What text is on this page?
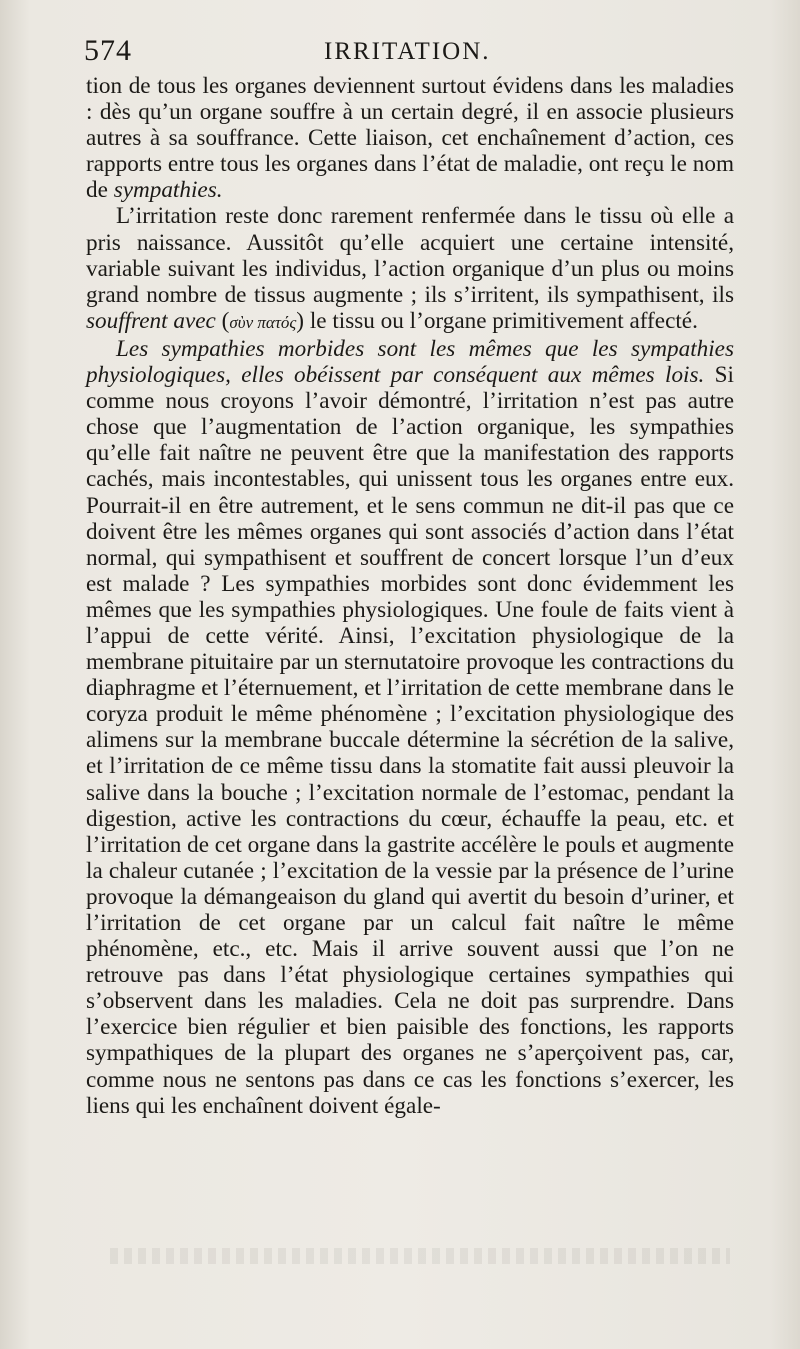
574	IRRITATION.

tion de tous les organes deviennent surtout évidens dans les maladies : dès qu’un organe souffre à un certain degré, il en associe plusieurs autres à sa souffrance. Cette liaison, cet enchaînement d’action, ces rapports entre tous les organes dans l’état de maladie, ont reçu le nom de sympathies.

L’irritation reste donc rarement renfermée dans le tissu où elle a pris naissance. Aussitôt qu’elle acquiert une certaine intensité, variable suivant les individus, l’action organique d’un plus ou moins grand nombre de tissus augmente ; ils s’irritent, ils sympathisent, ils souffrent avec (σὺν πατός) le tissu ou l’organe primitivement affecté.

Les sympathies morbides sont les mêmes que les sympathies physiologiques, elles obéissent par conséquent aux mêmes lois. Si comme nous croyons l’avoir démontré, l’irritation n’est pas autre chose que l’augmentation de l’action organique, les sympathies qu’elle fait naître ne peuvent être que la manifestation des rapports cachés, mais incontestables, qui unissent tous les organes entre eux. Pourrait-il en être autrement, et le sens commun ne dit-il pas que ce doivent être les mêmes organes qui sont associés d’action dans l’état normal, qui sympathisent et souffrent de concert lorsque l’un d’eux est malade ? Les sympathies morbides sont donc évidemment les mêmes que les sympathies physiologiques. Une foule de faits vient à l’appui de cette vérité. Ainsi, l’excitation physiologique de la membrane pituitaire par un sternutatoire provoque les contractions du diaphragme et l’éternuement, et l’irritation de cette membrane dans le coryza produit le même phénomène ; l’excitation physiologique des alimens sur la membrane buccale détermine la sécrétion de la salive, et l’irritation de ce même tissu dans la stomatite fait aussi pleuvoir la salive dans la bouche ; l’excitation normale de l’estomac, pendant la digestion, active les contractions du cœur, échauffe la peau, etc. et l’irritation de cet organe dans la gastrite accélère le pouls et augmente la chaleur cutanée ; l’excitation de la vessie par la présence de l’urine provoque la démangeaison du gland qui avertit du besoin d’uriner, et l’irritation de cet organe par un calcul fait naître le même phénomène, etc., etc. Mais il arrive souvent aussi que l’on ne retrouve pas dans l’état physiologique certaines sympathies qui s’observent dans les maladies. Cela ne doit pas surprendre. Dans l’exercice bien régulier et bien paisible des fonctions, les rapports sympathiques de la plupart des organes ne s’aperçoivent pas, car, comme nous ne sentons pas dans ce cas les fonctions s’exercer, les liens qui les enchaînent doivent égale-
